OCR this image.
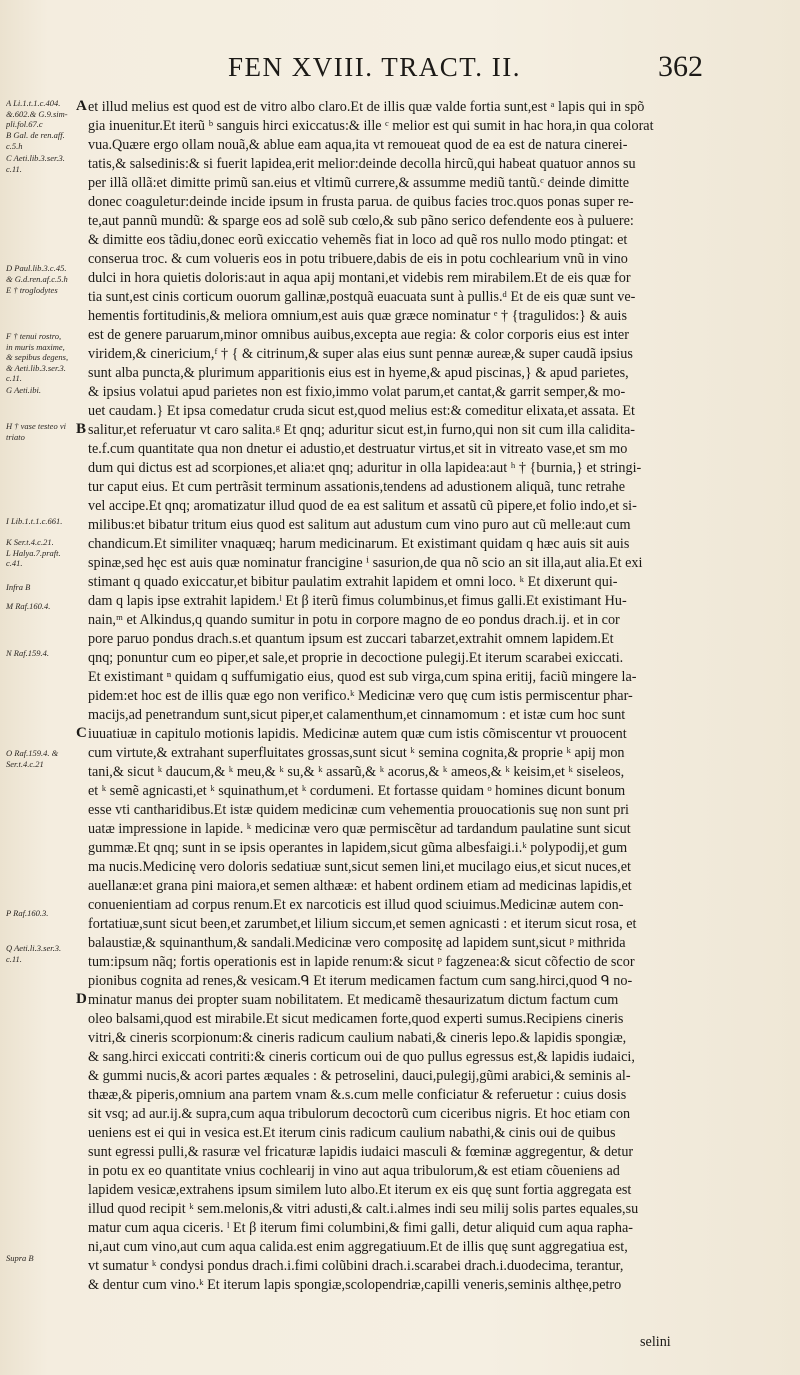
FEN XVIII. TRACT. II.	362
A Li.1.t.1.c.404.
&.602.& G.9.sim-
pli.fol.67.c
B Gal. de ren.aff.
c.5.h
C Aeti.lib.3.ser.3.
c.11.
D Paul.lib.3.c.45.
& G.d.ren.af.c.5.h
E † troglodytes
F † tenui rostro,
in muris maxime,
& sepibus degens,
& Aeti.lib.3.ser.3.
c.11.
G Aeti.ibi.
H † vase testeo vi
triato
I Lib.1.t.1.c.661.
K Ser.t.4.c.21.
L Halya.7.praft.
c.41.
Infra B
M Raf.160.4.
N Raf.159.4.
O Raf.159.4. &
Ser.t.4.c.21
P Raf.160.3.
Q Aeti.li.3.ser.3.
c.11.
Supra B
et illud melius est quod est de vitro albo claro.Et de illis quæ valde fortia sunt,est ᵃ lapis qui in spõ
gia inuenitur.Et iterũ ᵇ sanguis hirci exiccatus:& ille ᶜ melior est qui sumit in hac hora,in qua colorat
vua.Quære ergo ollam nouã,& ablue eam aqua,ita vt remoueat quod de ea est de natura cinerei-
tatis,& salsedinis:& si fuerit lapidea,erit melior:deinde decolla hircũ,qui habeat quatuor annos su
per illã ollã:et dimitte primũ san.eius et vltimũ currere,& assumme mediũ tantũ.ᶜ deinde dimitte
donec coaguletur:deinde incide ipsum in frusta parua. de quibus facies troc.quos ponas super re-
te,aut pannũ mundũ: & sparge eos ad solẽ sub cœlo,& sub pãno serico defendente eos à puluere:
& dimitte eos tãdiu,donec eorũ exiccatio vehemẽs fiat in loco ad quẽ ros nullo modo ptingat: et
conserua troc. & cum volueris eos in potu tribuere,dabis de eis in potu cochlearium vnũ in vino
dulci in hora quietis doloris:aut in aqua apij montani,et videbis rem mirabilem.Et de eis quæ for
tia sunt,est cinis corticum ouorum gallinæ,postquã euacuata sunt à pullis.ᵈ Et de eis quæ sunt ve-
hementis fortitudinis,& meliora omnium,est auis quæ græce nominatur ᵉ † {tragulidos:} & auis
est de genere paruarum,minor omnibus auibus,excepta aue regia: & color corporis eius est inter
viridem,& cinericium,ᶠ † { & citrinum,& super alas eius sunt pennæ aureæ,& super caudã ipsius
sunt alba puncta,& plurimum apparitionis eius est in hyeme,& apud piscinas,} & apud parietes,
& ipsius volatui apud parietes non est fixio,immo volat parum,et cantat,& garrit semper,& mo-
uet caudam.} Et ipsa comedatur cruda sicut est,quod melius est:& comeditur elixata,et assata. Et
salitur,et referuatur vt caro salita.ᵍ Et qnq; aduritur sicut est,in furno,qui non sit cum illa calidita-
te.f.cum quantitate qua non dnetur ei adustio,et destruatur virtus,et sit in vitreato vase,et sm mo
dum qui dictus est ad scorpiones,et alia:et qnq; aduritur in olla lapidea:aut ʰ † {burnia,} et stringi-
tur caput eius. Et cum pertrãsit terminum assationis,tendens ad adustionem aliquã, tunc retrahe
vel accipe.Et qnq; aromatizatur illud quod de ea est salitum et assatũ cũ pipere,et folio indo,et si-
milibus:et bibatur tritum eius quod est salitum aut adustum cum vino puro aut cũ melle:aut cum
chandicum.Et similiter vnaquæq; harum medicinarum. Et existimant quidam q hæc auis sit auis
spinæ,sed hęc est auis quæ nominatur francigine ⁱ sasurion,de qua nõ scio an sit illa,aut alia.Et exi
stimant q quado exiccatur,et bibitur paulatim extrahit lapidem et omni loco. ᵏ Et dixerunt qui-
dam q lapis ipse extrahit lapidem.ˡ Et β iterũ fimus columbinus,et fimus galli.Et existimant Hu-
nain,ᵐ et Alkindus,q quando sumitur in potu in corpore magno de eo pondus drach.ij. et in cor
pore paruo pondus drach.s.et quantum ipsum est zuccari tabarzet,extrahit omnem lapidem.Et
qnq; ponuntur cum eo piper,et sale,et proprie in decoctione pulegij.Et iterum scarabei exiccati.
Et existimant ⁿ quidam q suffumigatio eius, quod est sub virga,cum spina eritij, faciũ mingere la-
pidem:et hoc est de illis quæ ego non verifico.ᵏ Medicinæ vero quę cum istis permiscentur phar-
macijs,ad penetrandum sunt,sicut piper,et calamenthum,et cinnamomum : et istæ cum hoc sunt
iuuatiuæ in capitulo motionis lapidis. Medicinæ autem quæ cum istis cõmiscentur vt prouocent
cum virtute,& extrahant superfluitates grossas,sunt sicut ᵏ semina cognita,& proprie ᵏ apij mon
tani,& sicut ᵏ daucum,& ᵏ meu,& ᵏ su,& ᵏ assarũ,& ᵏ acorus,& ᵏ ameos,& ᵏ keisim,et ᵏ siseleos,
et ᵏ semẽ agnicasti,et ᵏ squinathum,et ᵏ cordumeni. Et fortasse quidam ᵒ homines dicunt bonum
esse vti cantharidibus.Et istæ quidem medicinæ cum vehementia prouocationis suę non sunt pri
uatæ impressione in lapide. ᵏ medicinæ vero quæ permiscẽtur ad tardandum paulatine sunt sicut
gummæ.Et qnq; sunt in se ipsis operantes in lapidem,sicut gũma albesfaigi.i.ᵏ polypodij,et gum
ma nucis.Medicinę vero doloris sedatiuæ sunt,sicut semen lini,et mucilago eius,et sicut nuces,et
auellanæ:et grana pini maiora,et semen althææ: et habent ordinem etiam ad medicinas lapidis,et
conuenientiam ad corpus renum.Et ex narcoticis est illud quod sciuimus.Medicinæ autem con-
fortatiuæ,sunt sicut been,et zarumbet,et lilium siccum,et semen agnicasti : et iterum sicut rosa, et
balaustiæ,& squinanthum,& sandali.Medicinæ vero compositę ad lapidem sunt,sicut ᵖ mithrida
tum:ipsum nãq; fortis operationis est in lapide renum:& sicut ᵖ fagzenea:& sicut cõfectio de scor
pionibus cognita ad renes,& vesicam.ᑫ Et iterum medicamen factum cum sang.hirci,quod ᑫ no-
minatur manus dei propter suam nobilitatem. Et medicamẽ thesaurizatum dictum factum cum
oleo balsami,quod est mirabile.Et sicut medicamen forte,quod experti sumus.Recipiens cineris
vitri,& cineris scorpionum:& cineris radicum caulium nabati,& cineris lepo.& lapidis spongiæ,
& sang.hirci exiccati contriti:& cineris corticum oui de quo pullus egressus est,& lapidis iudaici,
& gummi nucis,& acori partes æquales : & petroselini, dauci,pulegij,gũmi arabici,& seminis al-
thææ,& piperis,omnium ana partem vnam &.s.cum melle conficiatur & referuetur : cuius dosis
sit vsq; ad aur.ij.& supra,cum aqua tribulorum decoctorũ cum ciceribus nigris. Et hoc etiam con
ueniens est ei qui in vesica est.Et iterum cinis radicum caulium nabathi,& cinis oui de quibus
sunt egressi pulli,& rasuræ vel fricaturæ lapidis iudaici masculi & fœminæ aggregentur, & detur
in potu ex eo quantitate vnius cochlearij in vino aut aqua tribulorum,& est etiam cõueniens ad
lapidem vesicæ,extrahens ipsum similem luto albo.Et iterum ex eis quę sunt fortia aggregata est
illud quod recipit ᵏ sem.melonis,& vitri adusti,& calt.i.almes indi seu milij solis partes equales,su
matur cum aqua ciceris. ˡ Et β iterum fimi columbini,& fimi galli, detur aliquid cum aqua rapha-
ni,aut cum vino,aut cum aqua calida.est enim aggregatiuum.Et de illis quę sunt aggregatiua est,
vt sumatur ᵏ condysi pondus drach.i.fimi colũbini drach.i.scarabei drach.i.duodecima, terantur,
& dentur cum vino.ᵏ Et iterum lapis spongiæ,scolopendriæ,capilli veneris,seminis althęe,petro
A
B
C
D
selini
